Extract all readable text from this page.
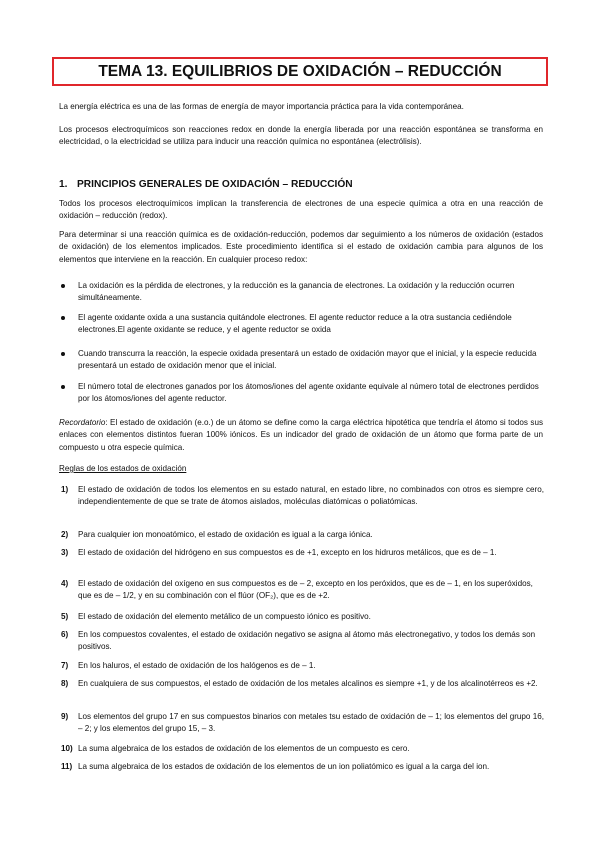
TEMA 13. EQUILIBRIOS DE OXIDACIÓN – REDUCCIÓN
La energía eléctrica es una de las formas de energía de mayor importancia práctica para la vida contemporánea.
Los procesos electroquímicos son reacciones redox en donde la energía liberada por una reacción espontánea se transforma en electricidad, o la electricidad se utiliza para inducir una reacción química no espontánea (electrólisis).
1. PRINCIPIOS GENERALES DE OXIDACIÓN – REDUCCIÓN
Todos los procesos electroquímicos implican la transferencia de electrones de una especie química a otra en una reacción de oxidación – reducción (redox).
Para determinar si una reacción química es de oxidación-reducción, podemos dar seguimiento a los números de oxidación (estados de oxidación) de los elementos implicados. Este procedimiento identifica si el estado de oxidación cambia para algunos de los elementos que interviene en la reacción. En cualquier proceso redox:
La oxidación es la pérdida de electrones, y la reducción es la ganancia de electrones. La oxidación y la reducción ocurren simultáneamente.
El agente oxidante oxida a una sustancia quitándole electrones. El agente reductor reduce a la otra sustancia cediéndole electrones.El agente oxidante se reduce, y el agente reductor se oxida
Cuando transcurra la reacción, la especie oxidada presentará un estado de oxidación mayor que el inicial, y la especie reducida presentará un estado de oxidación menor que el inicial.
El número total de electrones ganados por los átomos/iones del agente oxidante equivale al número total de electrones perdidos por los átomos/iones del agente reductor.
Recordatorio: El estado de oxidación (e.o.) de un átomo se define como la carga eléctrica hipotética que tendría el átomo si todos sus enlaces con elementos distintos fueran 100% iónicos. Es un indicador del grado de oxidación de un átomo que forma parte de un compuesto u otra especie química.
Reglas de los estados de oxidación
1) El estado de oxidación de todos los elementos en su estado natural, en estado libre, no combinados con otros es siempre cero, independientemente de que se trate de átomos aislados, moléculas diatómicas o poliatómicas.
2) Para cualquier ion monoatómico, el estado de oxidación es igual a la carga iónica.
3) El estado de oxidación del hidrógeno en sus compuestos es de +1, excepto en los hidruros metálicos, que es de – 1.
4) El estado de oxidación del oxígeno en sus compuestos es de – 2, excepto en los peróxidos, que es de – 1, en los superóxidos, que es de – 1/2, y en su combinación con el flúor (OF₂), que es de +2.
5) El estado de oxidación del elemento metálico de un compuesto iónico es positivo.
6) En los compuestos covalentes, el estado de oxidación negativo se asigna al átomo más electronegativo, y todos los demás son positivos.
7) En los haluros, el estado de oxidación de los halógenos es de – 1.
8) En cualquiera de sus compuestos, el estado de oxidación de los metales alcalinos es siempre +1, y de los alcalinotérreos es +2.
9) Los elementos del grupo 17 en sus compuestos binarios con metales tsu estado de oxidación de – 1; los elementos del grupo 16, – 2; y los elementos del grupo 15, – 3.
10) La suma algebraica de los estados de oxidación de los elementos de un compuesto es cero.
11) La suma algebraica de los estados de oxidación de los elementos de un ion poliatómico es igual a la carga del ion.
